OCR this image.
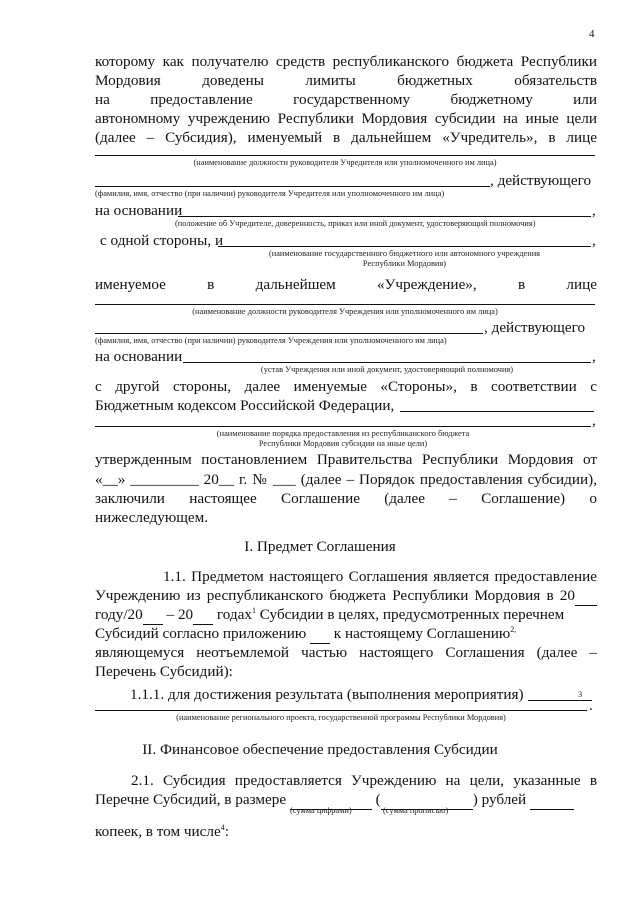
4
которому как получателю средств республиканского бюджета Республики
Мордовия доведены лимиты бюджетных обязательств
на предоставление государственному бюджетному или
автономному учреждению Республики Мордовия субсидии на иные цели
(далее – Субсидия), именуемый в дальнейшем «Учредитель», в лице
(наименование должности руководителя Учредителя или уполномоченного им лица)
, действующего
(фамилия, имя, отчество (при наличии) руководителя Учредителя или уполномоченного им лица)
на основании	,
(положение об Учредителе, доверенность, приказ или иной документ, удостоверяющий полномочия)
с одной стороны, и	,
(наименование государственного бюджетного или автономного учреждения
Республики Мордовия)
именуемое в дальнейшем «Учреждение», в лице
(наименование должности руководителя Учреждения или уполномоченного им лица)
, действующего
(фамилия, имя, отчество (при наличии) руководителя Учреждения или уполномоченного им лица)
на основании	,
(устав Учреждения или иной документ, удостоверяющий полномочия)
с другой стороны, далее именуемые «Стороны», в соответствии с
Бюджетным кодексом Российской Федерации,
,
(наименование порядка предоставления из республиканского бюджета
Республики Мордовия субсидии на иные цели)
утвержденным постановлением Правительства Республики Мордовия от
«__» _________ 20__ г. № ___ (далее – Порядок предоставления субсидии),
заключили настоящее Соглашение (далее – Соглашение) о
нижеследующем.
I. Предмет Соглашения
1.1. Предметом настоящего Соглашения является предоставление
Учреждению из республиканского бюджета Республики Мордовия в 20
году/20 – 20 годах$^1$ Субсидии в целях, предусмотренных перечнем
Субсидий согласно приложению к настоящему Соглашению$^{2,}$
являющемуся неотъемлемой частью настоящего Соглашения (далее –
Перечень Субсидий):
1.1.1. для достижения результата (выполнения мероприятия)	3
.
(наименование регионального проекта, государственной программы Республики Мордовия)
II. Финансовое обеспечение предоставления Субсидии
2.1. Субсидия предоставляется Учреждению на цели, указанные в
Перечне Субсидий, в размере	(	) рублей
(сумма цифрами)	(сумма прописью)
копеек, в том числе$^4$:
